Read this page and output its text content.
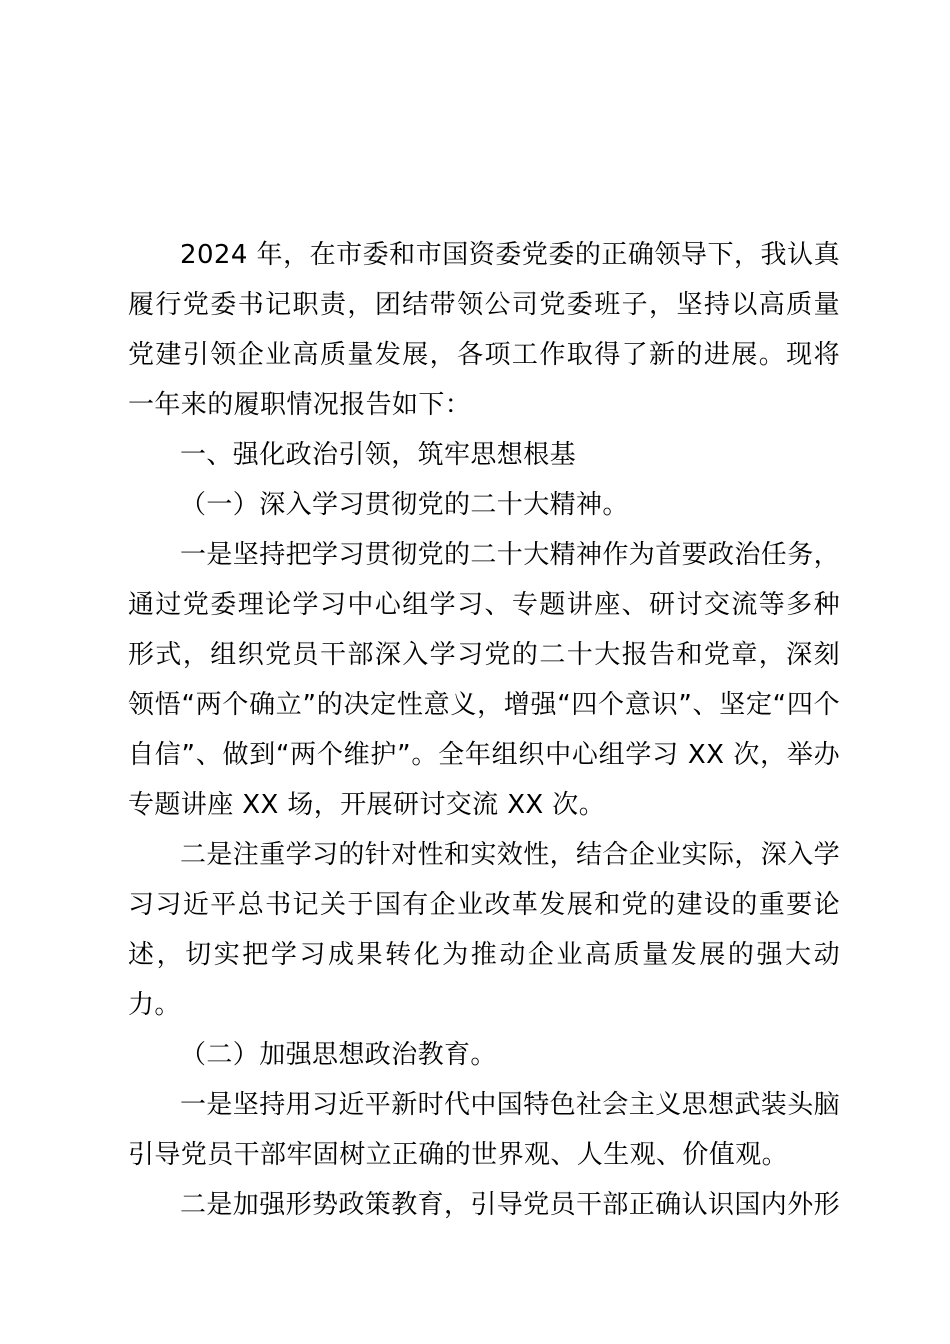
2024 年，在市委和市国资委党委的正确领导下，我认真履行党委书记职责，团结带领公司党委班子，坚持以高质量党建引领企业高质量发展，各项工作取得了新的进展。现将一年来的履职情况报告如下：

一、强化政治引领，筑牢思想根基

（一）深入学习贯彻党的二十大精神。

一是坚持把学习贯彻党的二十大精神作为首要政治任务，通过党委理论学习中心组学习、专题讲座、研讨交流等多种形式，组织党员干部深入学习党的二十大报告和党章，深刻领悟“两个确立”的决定性意义，增强“四个意识”、坚定“四个自信”、做到“两个维护”。全年组织中心组学习 XX 次，举办专题讲座 XX 场，开展研讨交流 XX 次。

二是注重学习的针对性和实效性，结合企业实际，深入学习习近平总书记关于国有企业改革发展和党的建设的重要论述，切实把学习成果转化为推动企业高质量发展的强大动力。

（二）加强思想政治教育。

一是坚持用习近平新时代中国特色社会主义思想武装头脑引导党员干部牢固树立正确的世界观、人生观、价值观。

二是加强形势政策教育，引导党员干部正确认识国内外形
